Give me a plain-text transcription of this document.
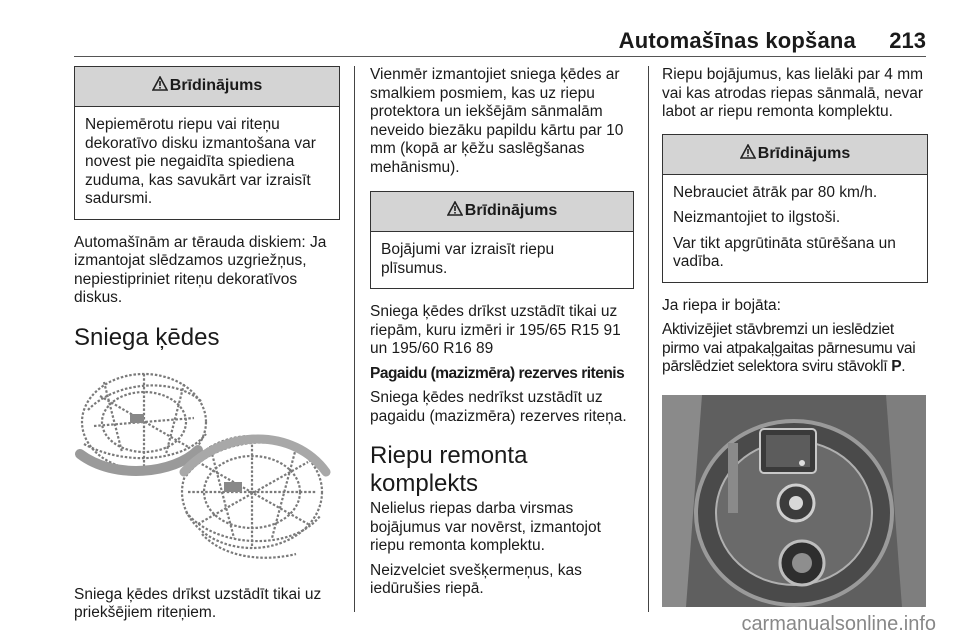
Automašīnas kopšana 213
Brīdinājums

Nepiemērotu riepu vai riteņu dekoratīvo disku izmantošana var novest pie negaidīta spiediena zuduma, kas savukārt var izraisīt sadursmi.

Automašīnām ar tērauda diskiem: Ja izmantojat slēdzamos uzgriežņus, nepiestipriniet riteņu dekoratīvos diskus.

Sniega ķēdes

Sniega ķēdes drīkst uzstādīt tikai uz priekšējiem riteņiem.

Vienmēr izmantojiet sniega ķēdes ar smalkiem posmiem, kas uz riepu protektora un iekšējām sānmalām neveido biezāku papildu kārtu par 10 mm (kopā ar ķēžu saslēgšanas mehānismu).

Brīdinājums

Bojājumi var izraisīt riepu plīsumus.

Sniega ķēdes drīkst uzstādīt tikai uz riepām, kuru izmēri ir 195/65 R15 91 un 195/60 R16 89

Pagaidu (mazizmēra) rezerves ritenis

Sniega ķēdes nedrīkst uzstādīt uz pagaidu (mazizmēra) rezerves riteņa.

Riepu remonta komplekts

Nelielus riepas darba virsmas bojājumus var novērst, izmantojot riepu remonta komplektu.

Neizvelciet svešķermeņus, kas iedūrušies riepā.

Riepu bojājumus, kas lielāki par 4 mm vai kas atrodas riepas sānmalā, nevar labot ar riepu remonta komplektu.

Brīdinājums

Nebrauciet ātrāk par 80 km/h.

Neizmantojiet to ilgstoši.

Var tikt apgrūtināta stūrēšana un vadība.

Ja riepa ir bojāta:

Aktivizējiet stāvbremzi un ieslēdziet pirmo vai atpakaļgaitas pārnesumu vai pārslēdziet selektora sviru stāvoklī P.

carmanualsonline.info
